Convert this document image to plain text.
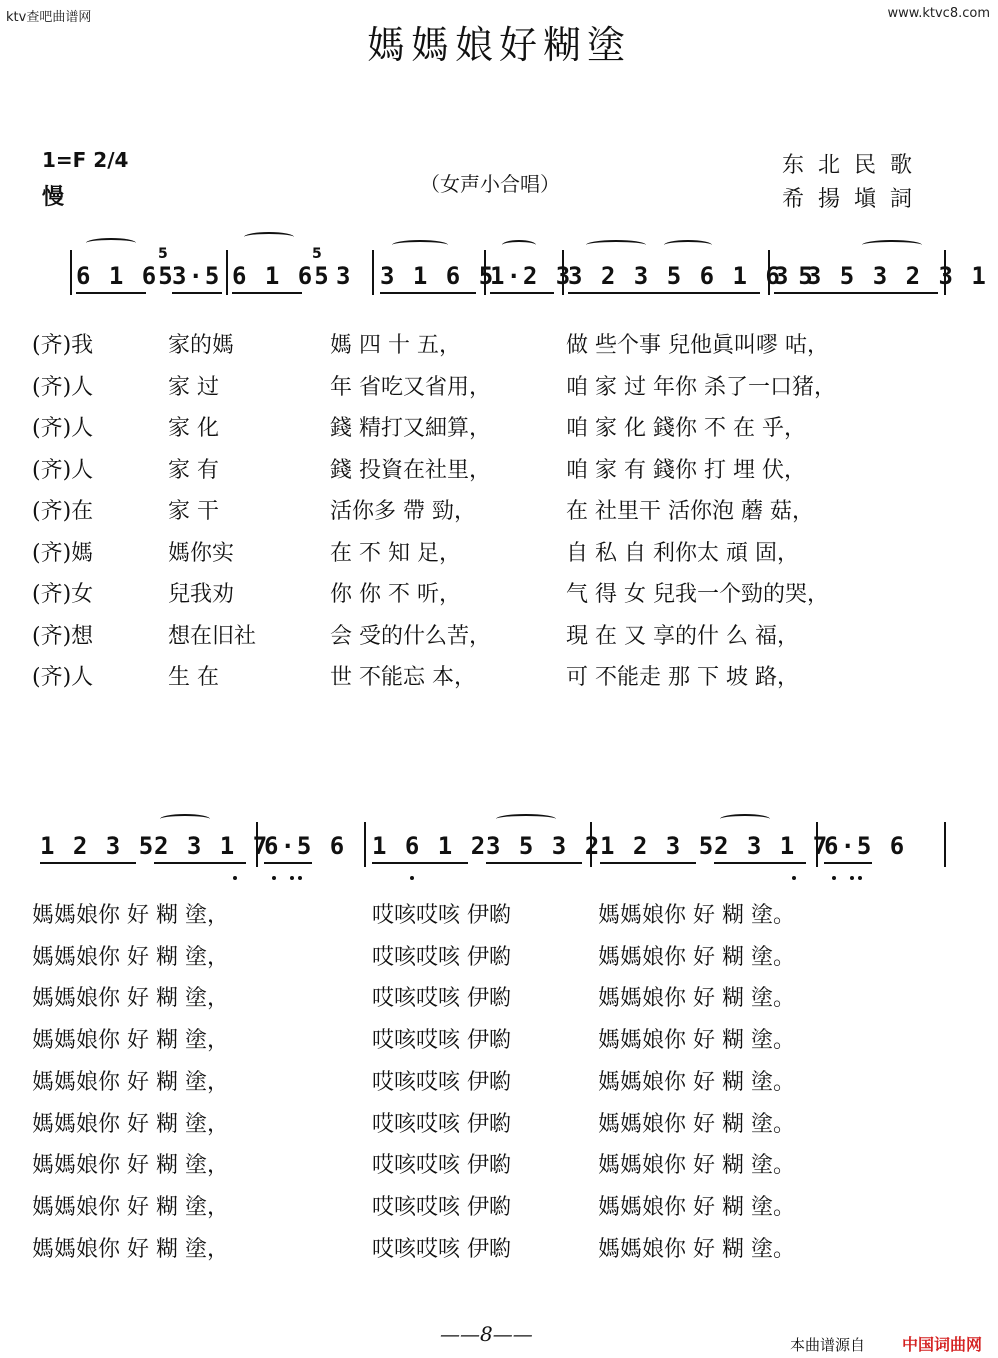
ktv查吧曲谱网	www.ktvc8.com
媽媽娘好糊塗
1=F 2/4
慢	（女声小合唱）
东北民歌
希揚塡詞
6 1 65
5
3·5 6 1 65
5
3 3 1 6 5
1·2 3
3 2 3 5 6 1 6 5
3 3 5 3 2 3 1
(齐)我	家的媽	媽 四 十 五，	做 些个事 兒他眞叫嘐 咕，
(齐)人	家 过	年 省吃又省用，	咱 家 过 年你 杀了一口猪，
(齐)人	家 化	錢 精打又細算，	咱 家 化 錢你 不 在 乎，
(齐)人	家 有	錢 投資在社里，	咱 家 有 錢你 打 埋 伏，
(齐)在	家 干	活你多 帶 勁，	在 社里干 活你泡 蘑 菇，
(齐)媽	媽你实	在 不 知 足，	自 私 自 利你太 頑 固，
(齐)女	兒我劝	你 你 不 听，	气 得 女 兒我一个勁的哭，
(齐)想	想在旧社	会 受的什么苦，	現 在 又 享的什 么 福，
(齐)人	生 在	世 不能忘 本，	可 不能走 那 下 坡 路，
1 2 3 5
2 3 1 7
6·5 6 1 6 1 2
3 5 3 2
1 2 3 5
2 3 1 7
6·5 6
媽媽娘你 好 糊 塗，	哎咳哎咳 伊喲	媽媽娘你 好 糊 塗。
媽媽娘你 好 糊 塗，	哎咳哎咳 伊喲	媽媽娘你 好 糊 塗。
媽媽娘你 好 糊 塗，	哎咳哎咳 伊喲	媽媽娘你 好 糊 塗。
媽媽娘你 好 糊 塗，	哎咳哎咳 伊喲	媽媽娘你 好 糊 塗。
媽媽娘你 好 糊 塗，	哎咳哎咳 伊喲	媽媽娘你 好 糊 塗。
媽媽娘你 好 糊 塗，	哎咳哎咳 伊喲	媽媽娘你 好 糊 塗。
媽媽娘你 好 糊 塗，	哎咳哎咳 伊喲	媽媽娘你 好 糊 塗。
媽媽娘你 好 糊 塗，	哎咳哎咳 伊喲	媽媽娘你 好 糊 塗。
媽媽娘你 好 糊 塗，	哎咳哎咳 伊喲	媽媽娘你 好 糊 塗。
——8——	本曲谱源自 中国词曲网
